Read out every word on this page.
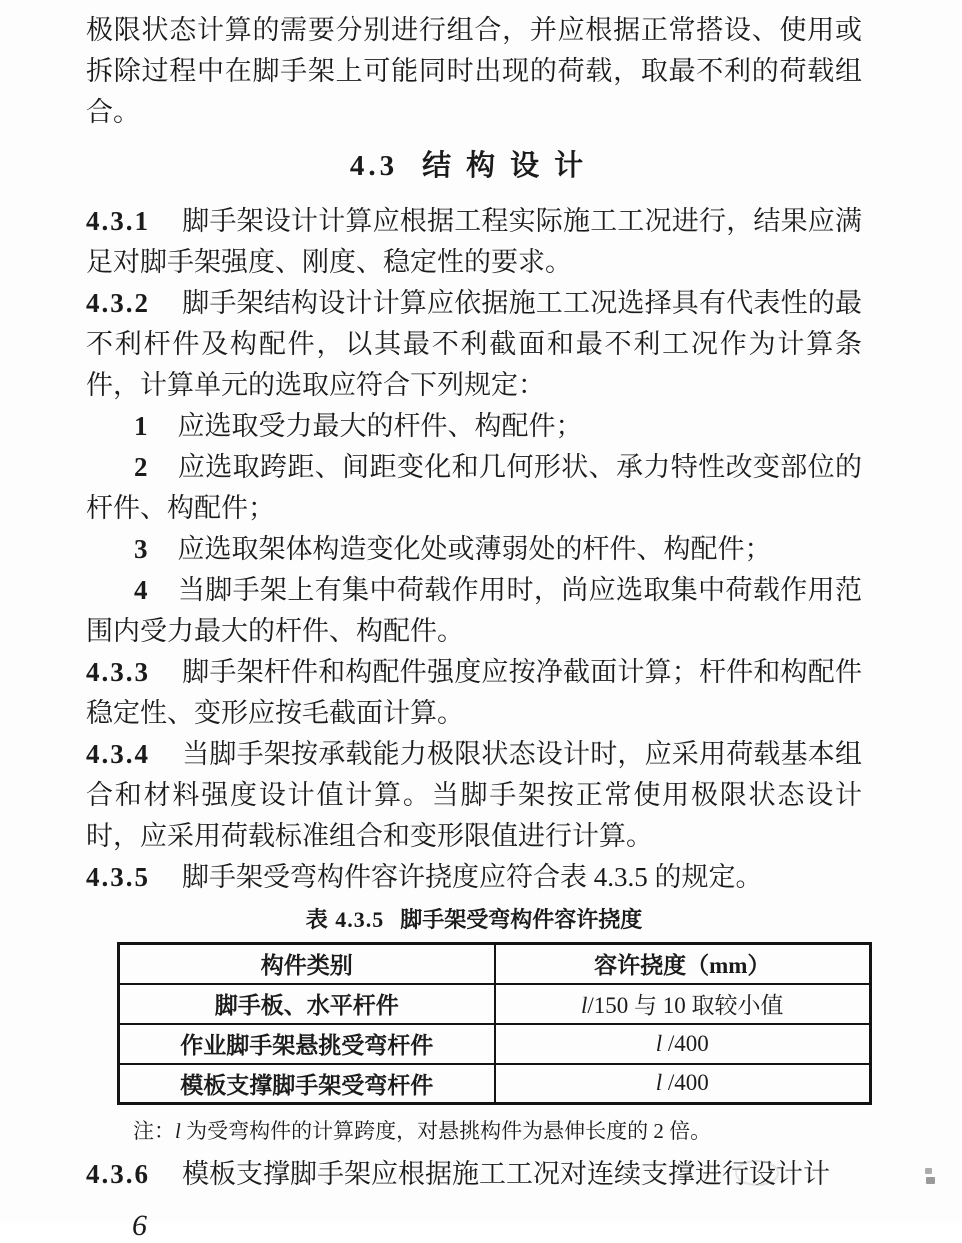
极限状态计算的需要分别进行组合，并应根据正常搭设、使用或拆除过程中在脚手架上可能同时出现的荷载，取最不利的荷载组合。

4.3 结构设计

4.3.1 脚手架设计计算应根据工程实际施工工况进行，结果应满足对脚手架强度、刚度、稳定性的要求。

4.3.2 脚手架结构设计计算应依据施工工况选择具有代表性的最不利杆件及构配件，以其最不利截面和最不利工况作为计算条件，计算单元的选取应符合下列规定：

1 应选取受力最大的杆件、构配件；

2 应选取跨距、间距变化和几何形状、承力特性改变部位的杆件、构配件；

3 应选取架体构造变化处或薄弱处的杆件、构配件；

4 当脚手架上有集中荷载作用时，尚应选取集中荷载作用范围内受力最大的杆件、构配件。

4.3.3 脚手架杆件和构配件强度应按净截面计算；杆件和构配件稳定性、变形应按毛截面计算。

4.3.4 当脚手架按承载能力极限状态设计时，应采用荷载基本组合和材料强度设计值计算。当脚手架按正常使用极限状态设计时，应采用荷载标准组合和变形限值进行计算。

4.3.5 脚手架受弯构件容许挠度应符合表 4.3.5 的规定。

表 4.3.5 脚手架受弯构件容许挠度
构件类别	容许挠度（mm）
脚手板、水平杆件	l/150 与 10 取较小值
作业脚手架悬挑受弯杆件	l /400
模板支撑脚手架受弯杆件	l /400

注：l 为受弯构件的计算跨度，对悬挑构件为悬伸长度的 2 倍。

4.3.6 模板支撑脚手架应根据施工工况对连续支撑进行设计计

6
